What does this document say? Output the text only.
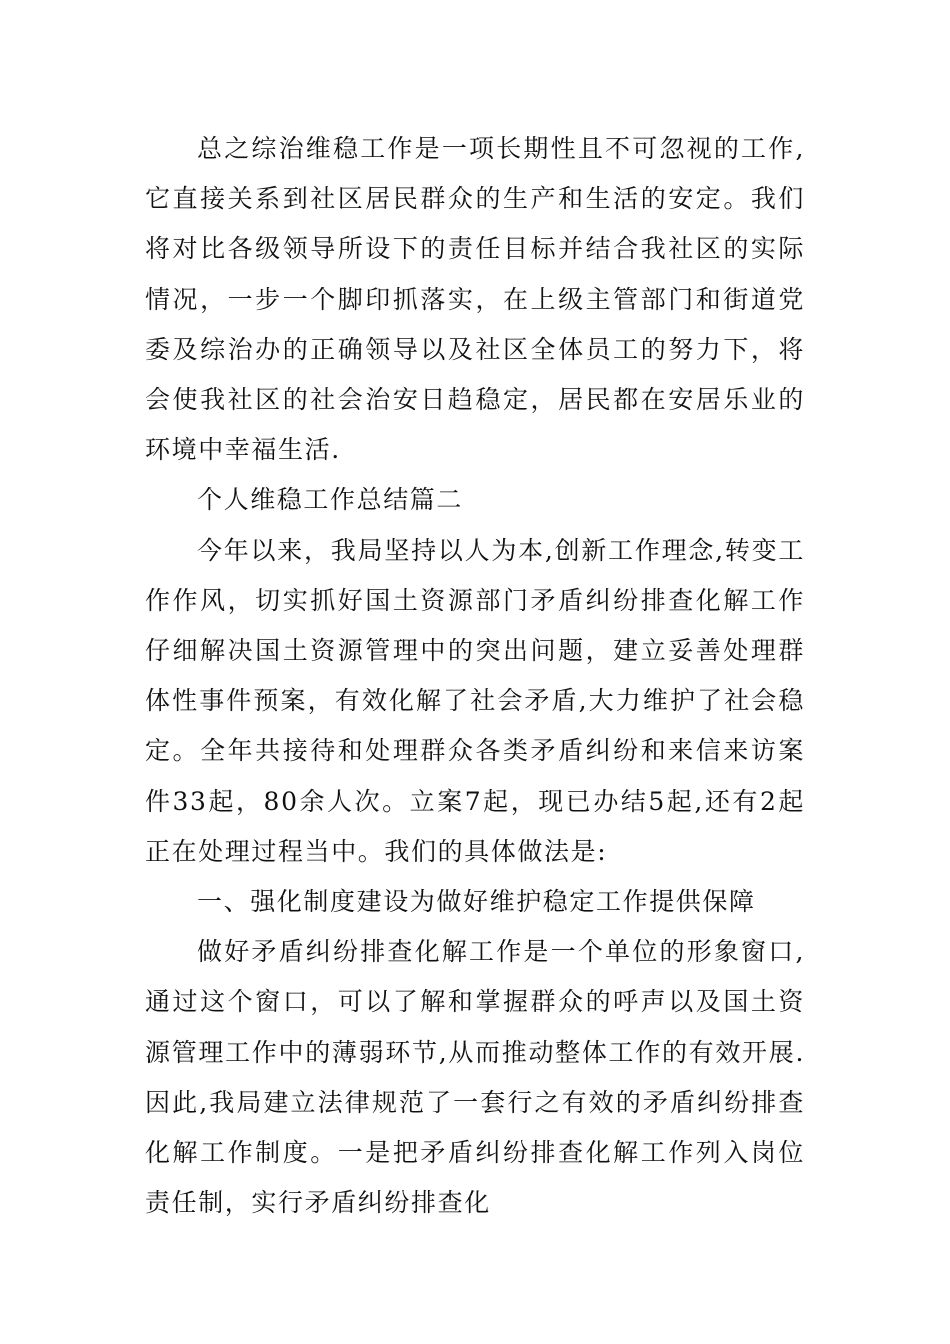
总之综治维稳工作是一项长期性且不可忽视的工作,它直接关系到社区居民群众的生产和生活的安定。我们将对比各级领导所设下的责任目标并结合我社区的实际情况，一步一个脚印抓落实，在上级主管部门和街道党委及综治办的正确领导以及社区全体员工的努力下，将会使我社区的社会治安日趋稳定，居民都在安居乐业的环境中幸福生活.

个人维稳工作总结篇二

今年以来，我局坚持以人为本,创新工作理念,转变工作作风，切实抓好国土资源部门矛盾纠纷排查化解工作仔细解决国土资源管理中的突出问题，建立妥善处理群体性事件预案，有效化解了社会矛盾,大力维护了社会稳定。全年共接待和处理群众各类矛盾纠纷和来信来访案件33起，80余人次。立案7起，现已办结5起,还有2起正在处理过程当中。我们的具体做法是:

一、强化制度建设为做好维护稳定工作提供保障

做好矛盾纠纷排查化解工作是一个单位的形象窗口,通过这个窗口，可以了解和掌握群众的呼声以及国土资源管理工作中的薄弱环节,从而推动整体工作的有效开展.因此,我局建立法律规范了一套行之有效的矛盾纠纷排查化解工作制度。一是把矛盾纠纷排查化解工作列入岗位责任制，实行矛盾纠纷排查化
